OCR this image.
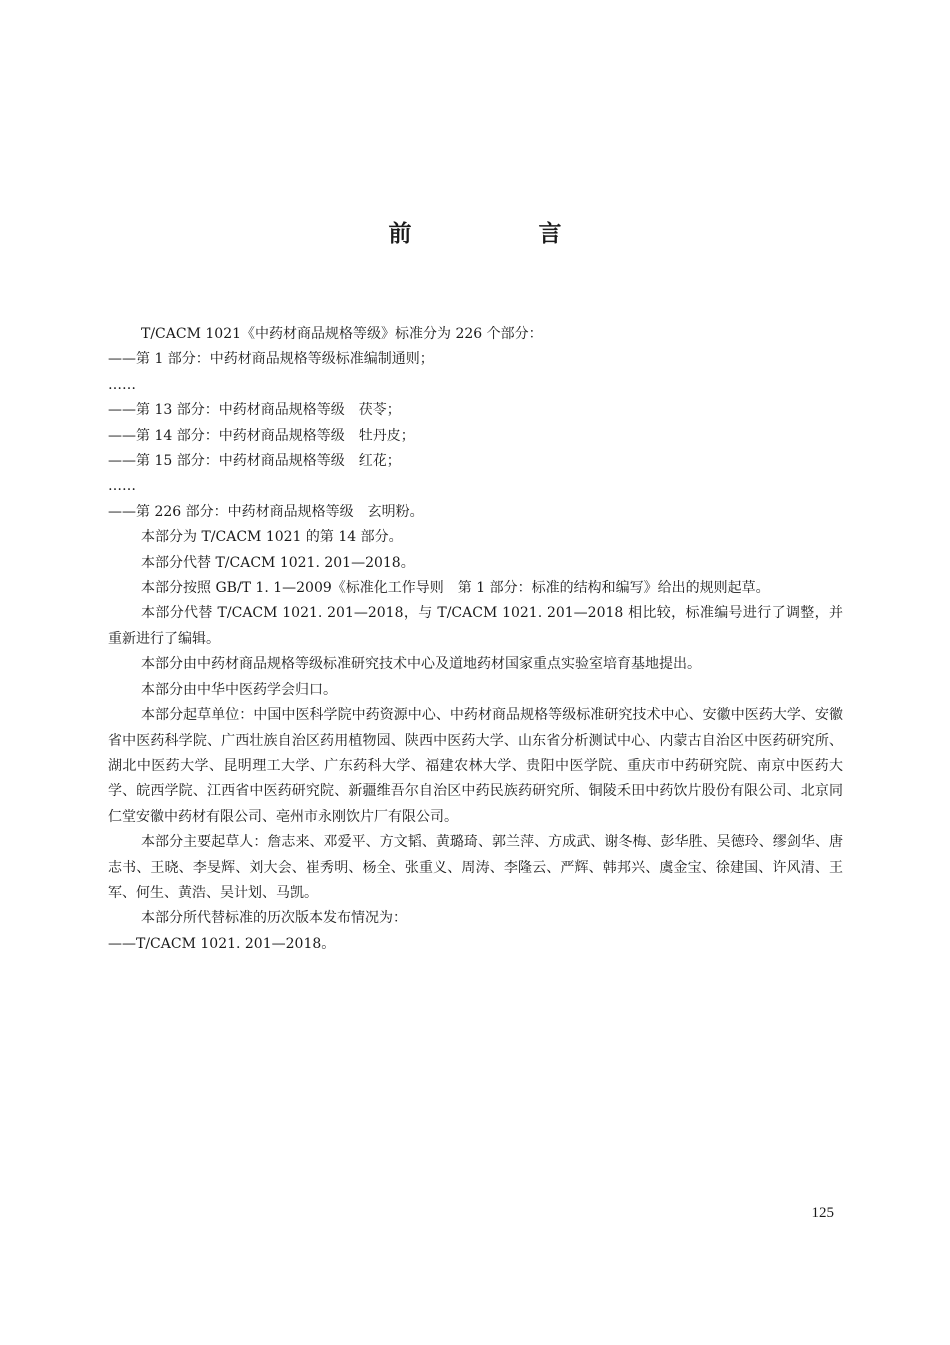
前　言

T/CACM 1021《中药材商品规格等级》标准分为 226 个部分：

——第 1 部分：中药材商品规格等级标准编制通则；

……

——第 13 部分：中药材商品规格等级　茯苓；

——第 14 部分：中药材商品规格等级　牡丹皮；

——第 15 部分：中药材商品规格等级　红花；

……

——第 226 部分：中药材商品规格等级　玄明粉。

本部分为 T/CACM 1021 的第 14 部分。

本部分代替 T/CACM 1021. 201—2018。

本部分按照 GB/T 1. 1—2009《标准化工作导则　第 1 部分：标准的结构和编写》给出的规则起草。

本部分代替 T/CACM 1021. 201—2018，与 T/CACM 1021. 201—2018 相比较，标准编号进行了调整，并重新进行了编辑。

本部分由中药材商品规格等级标准研究技术中心及道地药材国家重点实验室培育基地提出。

本部分由中华中医药学会归口。

本部分起草单位：中国中医科学院中药资源中心、中药材商品规格等级标准研究技术中心、安徽中医药大学、安徽省中医药科学院、广西壮族自治区药用植物园、陕西中医药大学、山东省分析测试中心、内蒙古自治区中医药研究所、湖北中医药大学、昆明理工大学、广东药科大学、福建农林大学、贵阳中医学院、重庆市中药研究院、南京中医药大学、皖西学院、江西省中医药研究院、新疆维吾尔自治区中药民族药研究所、铜陵禾田中药饮片股份有限公司、北京同仁堂安徽中药材有限公司、亳州市永刚饮片厂有限公司。

本部分主要起草人：詹志来、邓爱平、方文韬、黄璐琦、郭兰萍、方成武、谢冬梅、彭华胜、吴德玲、缪剑华、唐志书、王晓、李旻辉、刘大会、崔秀明、杨全、张重义、周涛、李隆云、严辉、韩邦兴、虞金宝、徐建国、许风清、王军、何生、黄浩、吴计划、马凯。

本部分所代替标准的历次版本发布情况为：

——T/CACM 1021. 201—2018。

125
